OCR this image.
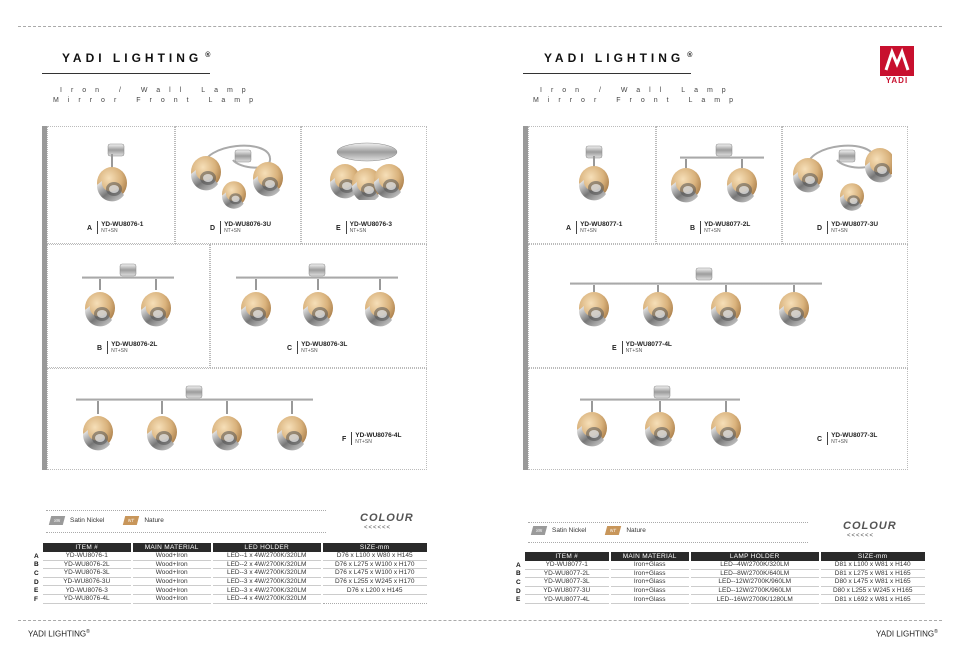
YADI LIGHTING ®
Iron / Wall Lamp
Mirror Front Lamp
YADI LIGHTING ®
Iron / Wall Lamp
Mirror Front Lamp
YADI
A
YD-WU8076-1
NT+SN	D
YD-WU8076-3U
NT+SN	E
YD-WU8076-3
NT+SN
B
YD-WU8076-2L
NT+SN	C
YD-WU8076-3L
NT+SN
F
YD-WU8076-4L
NT+SN
A
YD-WU8077-1
NT+SN	B
YD-WU8077-2L
NT+SN	D
YD-WU8077-3U
NT+SN
E
YD-WU8077-4L
NT+SN
C
YD-WU8077-3L
NT+SN
SN	Satin Nickel	NT	Nature	COLOUR
<<<<<<	SN	Satin Nickel	NT	Nature	COLOUR
<<<<<<
	ITEM #	MAIN MATERIAL	LED HOLDER	SIZE-mm
A	YD-WU8076-1	Wood+Iron	LED--1 x 4W/2700K/320LM	D76 x L100 x W80 x H145
B	YD-WU8076-2L	Wood+Iron	LED--2 x 4W/2700K/320LM	D76 x L275 x W100 x H170
C	YD-WU8076-3L	Wood+Iron	LED--3 x 4W/2700K/320LM	D76 x L475 x W100 x H170
D	YD-WU8076-3U	Wood+Iron	LED--3 x 4W/2700K/320LM	D76 x L255 x W245 x H170
E	YD-WU8076-3	Wood+Iron	LED--3 x 4W/2700K/320LM	D76 x L200 x H145
F	YD-WU8076-4L	Wood+Iron	LED--4 x 4W/2700K/320LM	
	ITEM #	MAIN MATERIAL	LAMP HOLDER	SIZE-mm
A	YD-WU8077-1	Iron+Glass	LED--4W/2700K/320LM	D81 x L100 x W81 x H140
B	YD-WU8077-2L	Iron+Glass	LED--8W/2700K/640LM	D81 x L275 x W81 x H165
C	YD-WU8077-3L	Iron+Glass	LED--12W/2700K/960LM	D80 x L475 x W81 x H165
D	YD-WU8077-3U	Iron+Glass	LED--12W/2700K/960LM	D80 x L255 x W245 x H165
E	YD-WU8077-4L	Iron+Glass	LED--16W/2700K/1280LM	D81 x L692 x W81 x H165
YADI LIGHTING®	YADI LIGHTING®
